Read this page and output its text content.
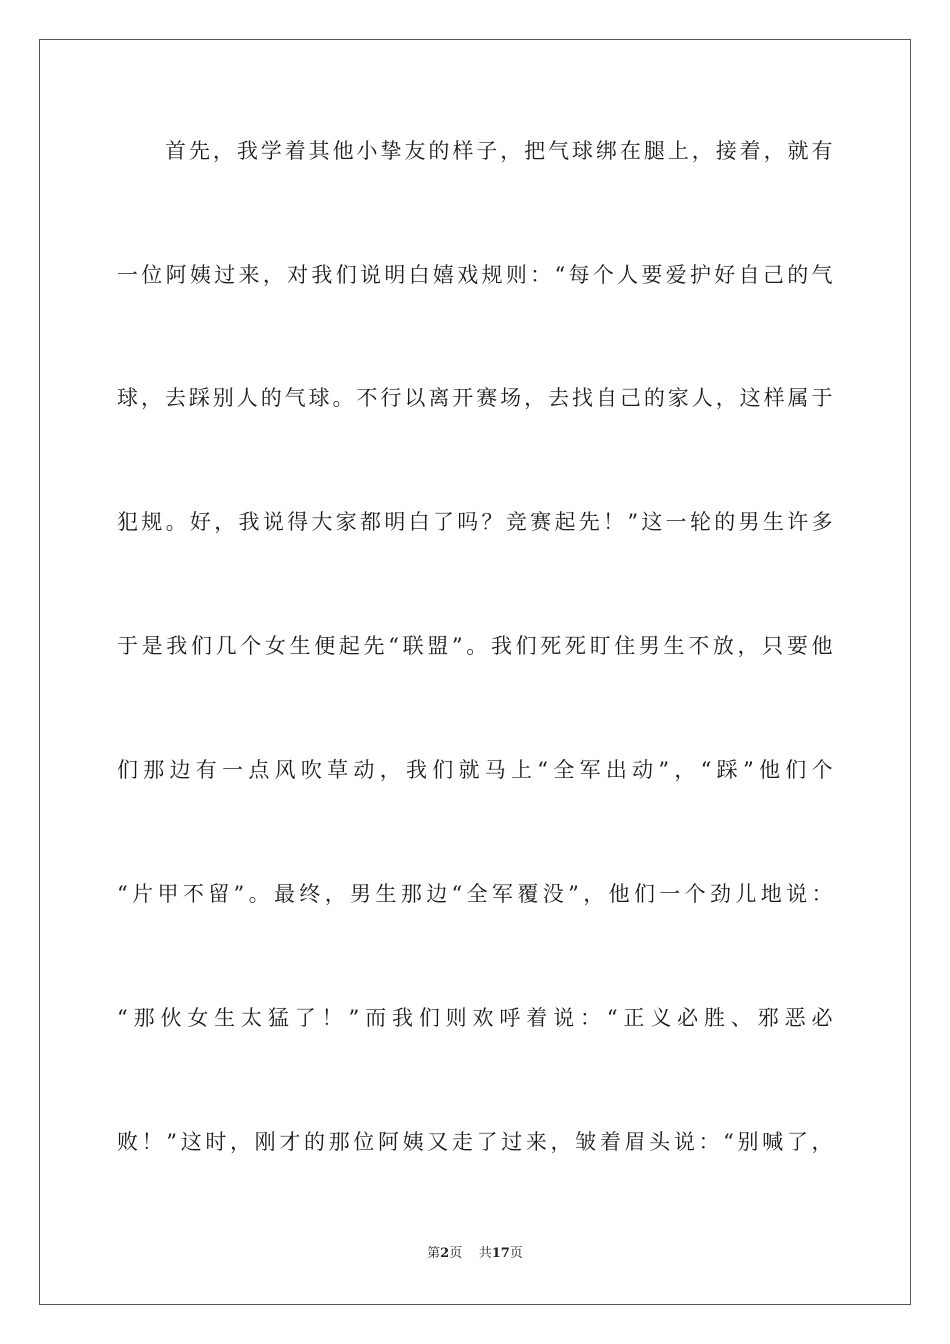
首先，我学着其他小挚友的样子，把气球绑在腿上，接着，就有
一位阿姨过来，对我们说明白嬉戏规则：“每个人要爱护好自己的气
球，去踩别人的气球。不行以离开赛场，去找自己的家人，这样属于
犯规。好，我说得大家都明白了吗？竞赛起先！”这一轮的男生许多
于是我们几个女生便起先“联盟”。我们死死盯住男生不放，只要他
们那边有一点风吹草动，我们就马上“全军出动”，“踩”他们个
“片甲不留”。最终，男生那边“全军覆没”，他们一个劲儿地说：
“那伙女生太猛了！”而我们则欢呼着说：“正义必胜、邪恶必
败！”这时，刚才的那位阿姨又走了过来，皱着眉头说：“别喊了，
第2页 共17页
